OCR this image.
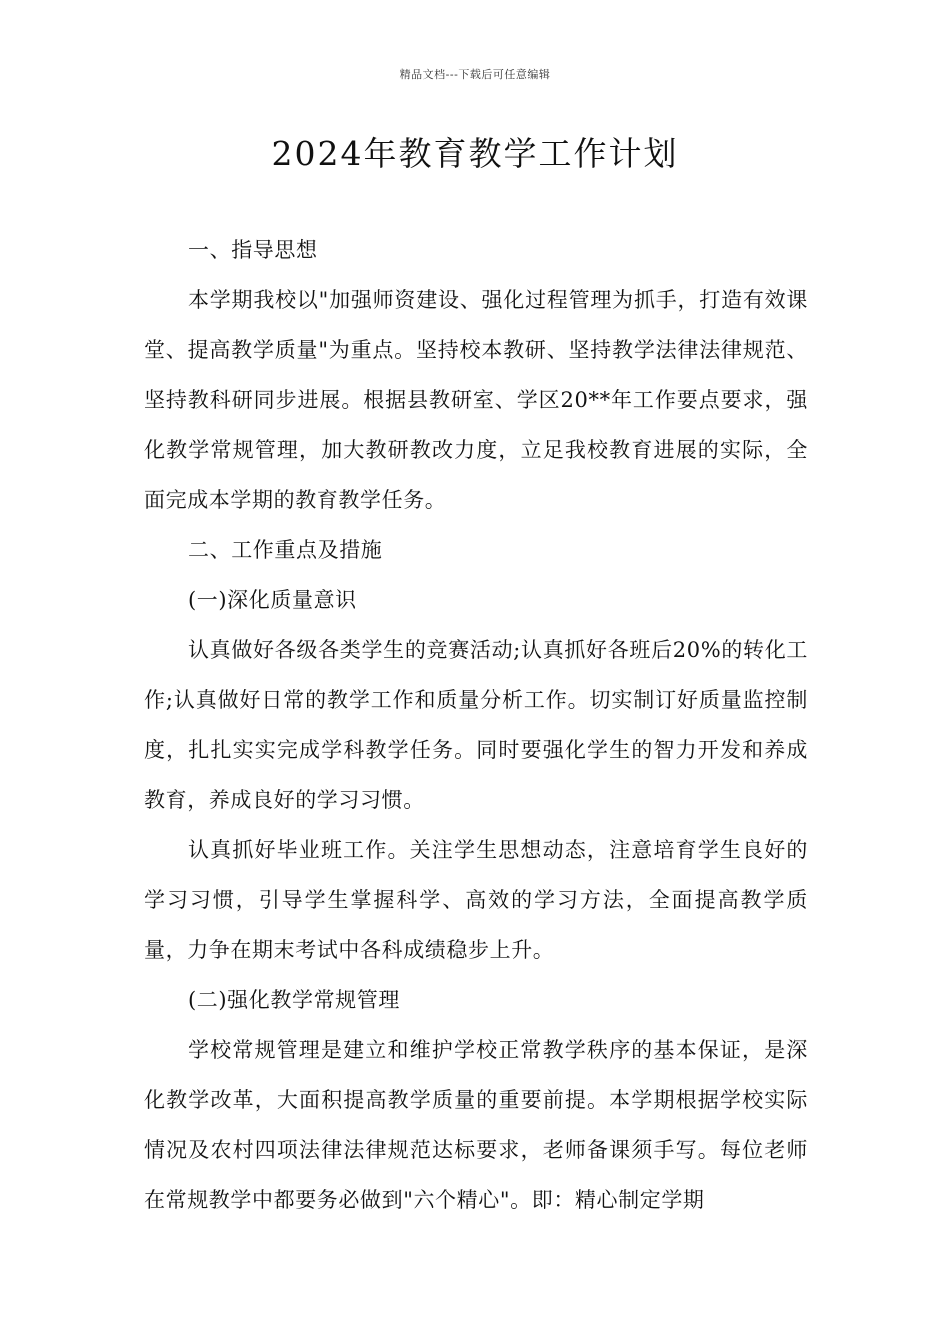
精品文档---下载后可任意编辑
2024年教育教学工作计划

一、指导思想

本学期我校以"加强师资建设、强化过程管理为抓手，打造有效课堂、提高教学质量"为重点。坚持校本教研、坚持教学法律法律规范、坚持教科研同步进展。根据县教研室、学区20**年工作要点要求，强化教学常规管理，加大教研教改力度，立足我校教育进展的实际，全面完成本学期的教育教学任务。

二、工作重点及措施

(一)深化质量意识

认真做好各级各类学生的竞赛活动;认真抓好各班后20%的转化工作;认真做好日常的教学工作和质量分析工作。切实制订好质量监控制度，扎扎实实完成学科教学任务。同时要强化学生的智力开发和养成教育，养成良好的学习习惯。

认真抓好毕业班工作。关注学生思想动态，注意培育学生良好的学习习惯，引导学生掌握科学、高效的学习方法，全面提高教学质量，力争在期末考试中各科成绩稳步上升。

(二)强化教学常规管理

学校常规管理是建立和维护学校正常教学秩序的基本保证，是深化教学改革，大面积提高教学质量的重要前提。本学期根据学校实际情况及农村四项法律法律规范达标要求，老师备课须手写。每位老师在常规教学中都要务必做到"六个精心"。即：精心制定学期
